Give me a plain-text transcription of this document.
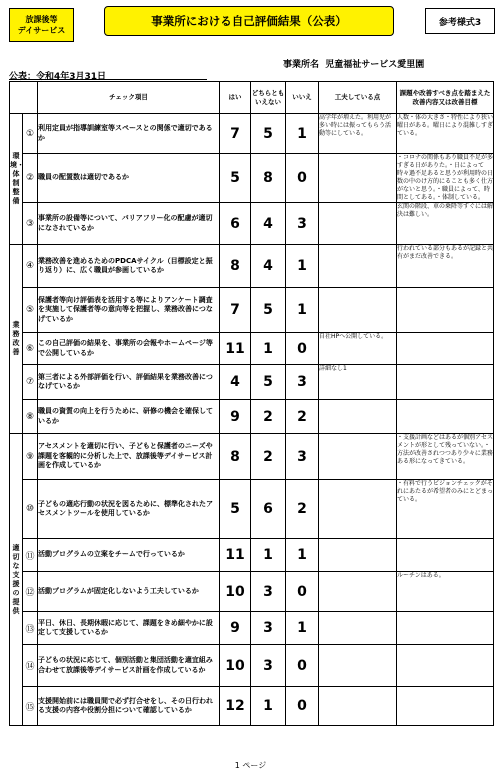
放課後等
デイサービス
事業所における自己評価結果（公表）	参考様式3
事業所名 児童福祉サービス愛里園
公表：令和4年3月31日
		チェック項目	はい	どちらともいえない	いいえ	工夫している点	課題や改善すべき点を踏まえた改善内容又は改善目標
環境・体制整備	①	利用定員が指導訓練室等スペースとの関係で適切であるか	7	5	1	高学年が増えた。利用児が多い時には振ってもらう活動等にしている。	人数・体の大きさ・特性により狭い曜日がある。曜日により混雑しすぎている。
	②	職員の配置数は適切であるか	5	8	0		・コロナの関係もあり職員不足が多すぎる日がありた。・日によって時々過不足あると思うが利用時の日数の中のけ方的にることも多く仕方がないと思う。・職員によって、時間としてある。・体制している。
	③	事業所の設備等について、バリアフリー化の配慮が適切になされているか	6	4	3		玄関の階段、車の乗降等すぐには解決は難しい。
業務改善	④	業務改善を進めるためのPDCAサイクル（目標設定と振り返り）に、広く職員が参画しているか	8	4	1		行われている部分もあるが記録と共有がまだ改善できる。
	⑤	保護者等向け評価表を活用する等によりアンケート調査を実施して保護者等の意向等を把握し、業務改善につなげているか	7	5	1		
	⑥	この自己評価の結果を、事業所の会報やホームページ等で公開しているか	11	1	0	自社HPへ公開している。	
	⑦	第三者による外部評価を行い、評価結果を業務改善につなげているか	4	5	3	詳細なし1	
	⑧	職員の資質の向上を行うために、研修の機会を確保しているか	9	2	2		
適切な支援の提供	⑨	アセスメントを適切に行い、子どもと保護者のニーズや課題を客観的に分析した上で、放課後等デイサービス計画を作成しているか	8	2	3		・支援計画などはあるが個別アセスメントが形として残っていない。・方法が改善されつつあり少々に業務ある形になってきている。
	⑩	子どもの適応行動の状況を図るために、標準化されたアセスメントツールを使用しているか	5	6	2		・有料で行うビジョンチェックがそれにあたるが希望者のみにとどまっている。
	⑪	活動プログラムの立案をチームで行っているか	11	1	1		
	⑫	活動プログラムが固定化しないよう工夫しているか	10	3	0		ルーチンはある。
	⑬	平日、休日、長期休暇に応じて、課題をきめ細やかに設定して支援しているか	9	3	1		
	⑭	子どもの状況に応じて、個別活動と集団活動を適宜組み合わせて放課後等デイサービス計画を作成しているか	10	3	0		
	⑮	支援開始前には職員間で必ず打合せをし、その日行われる支援の内容や役割分担について確認しているか	12	1	0		
1 ページ
